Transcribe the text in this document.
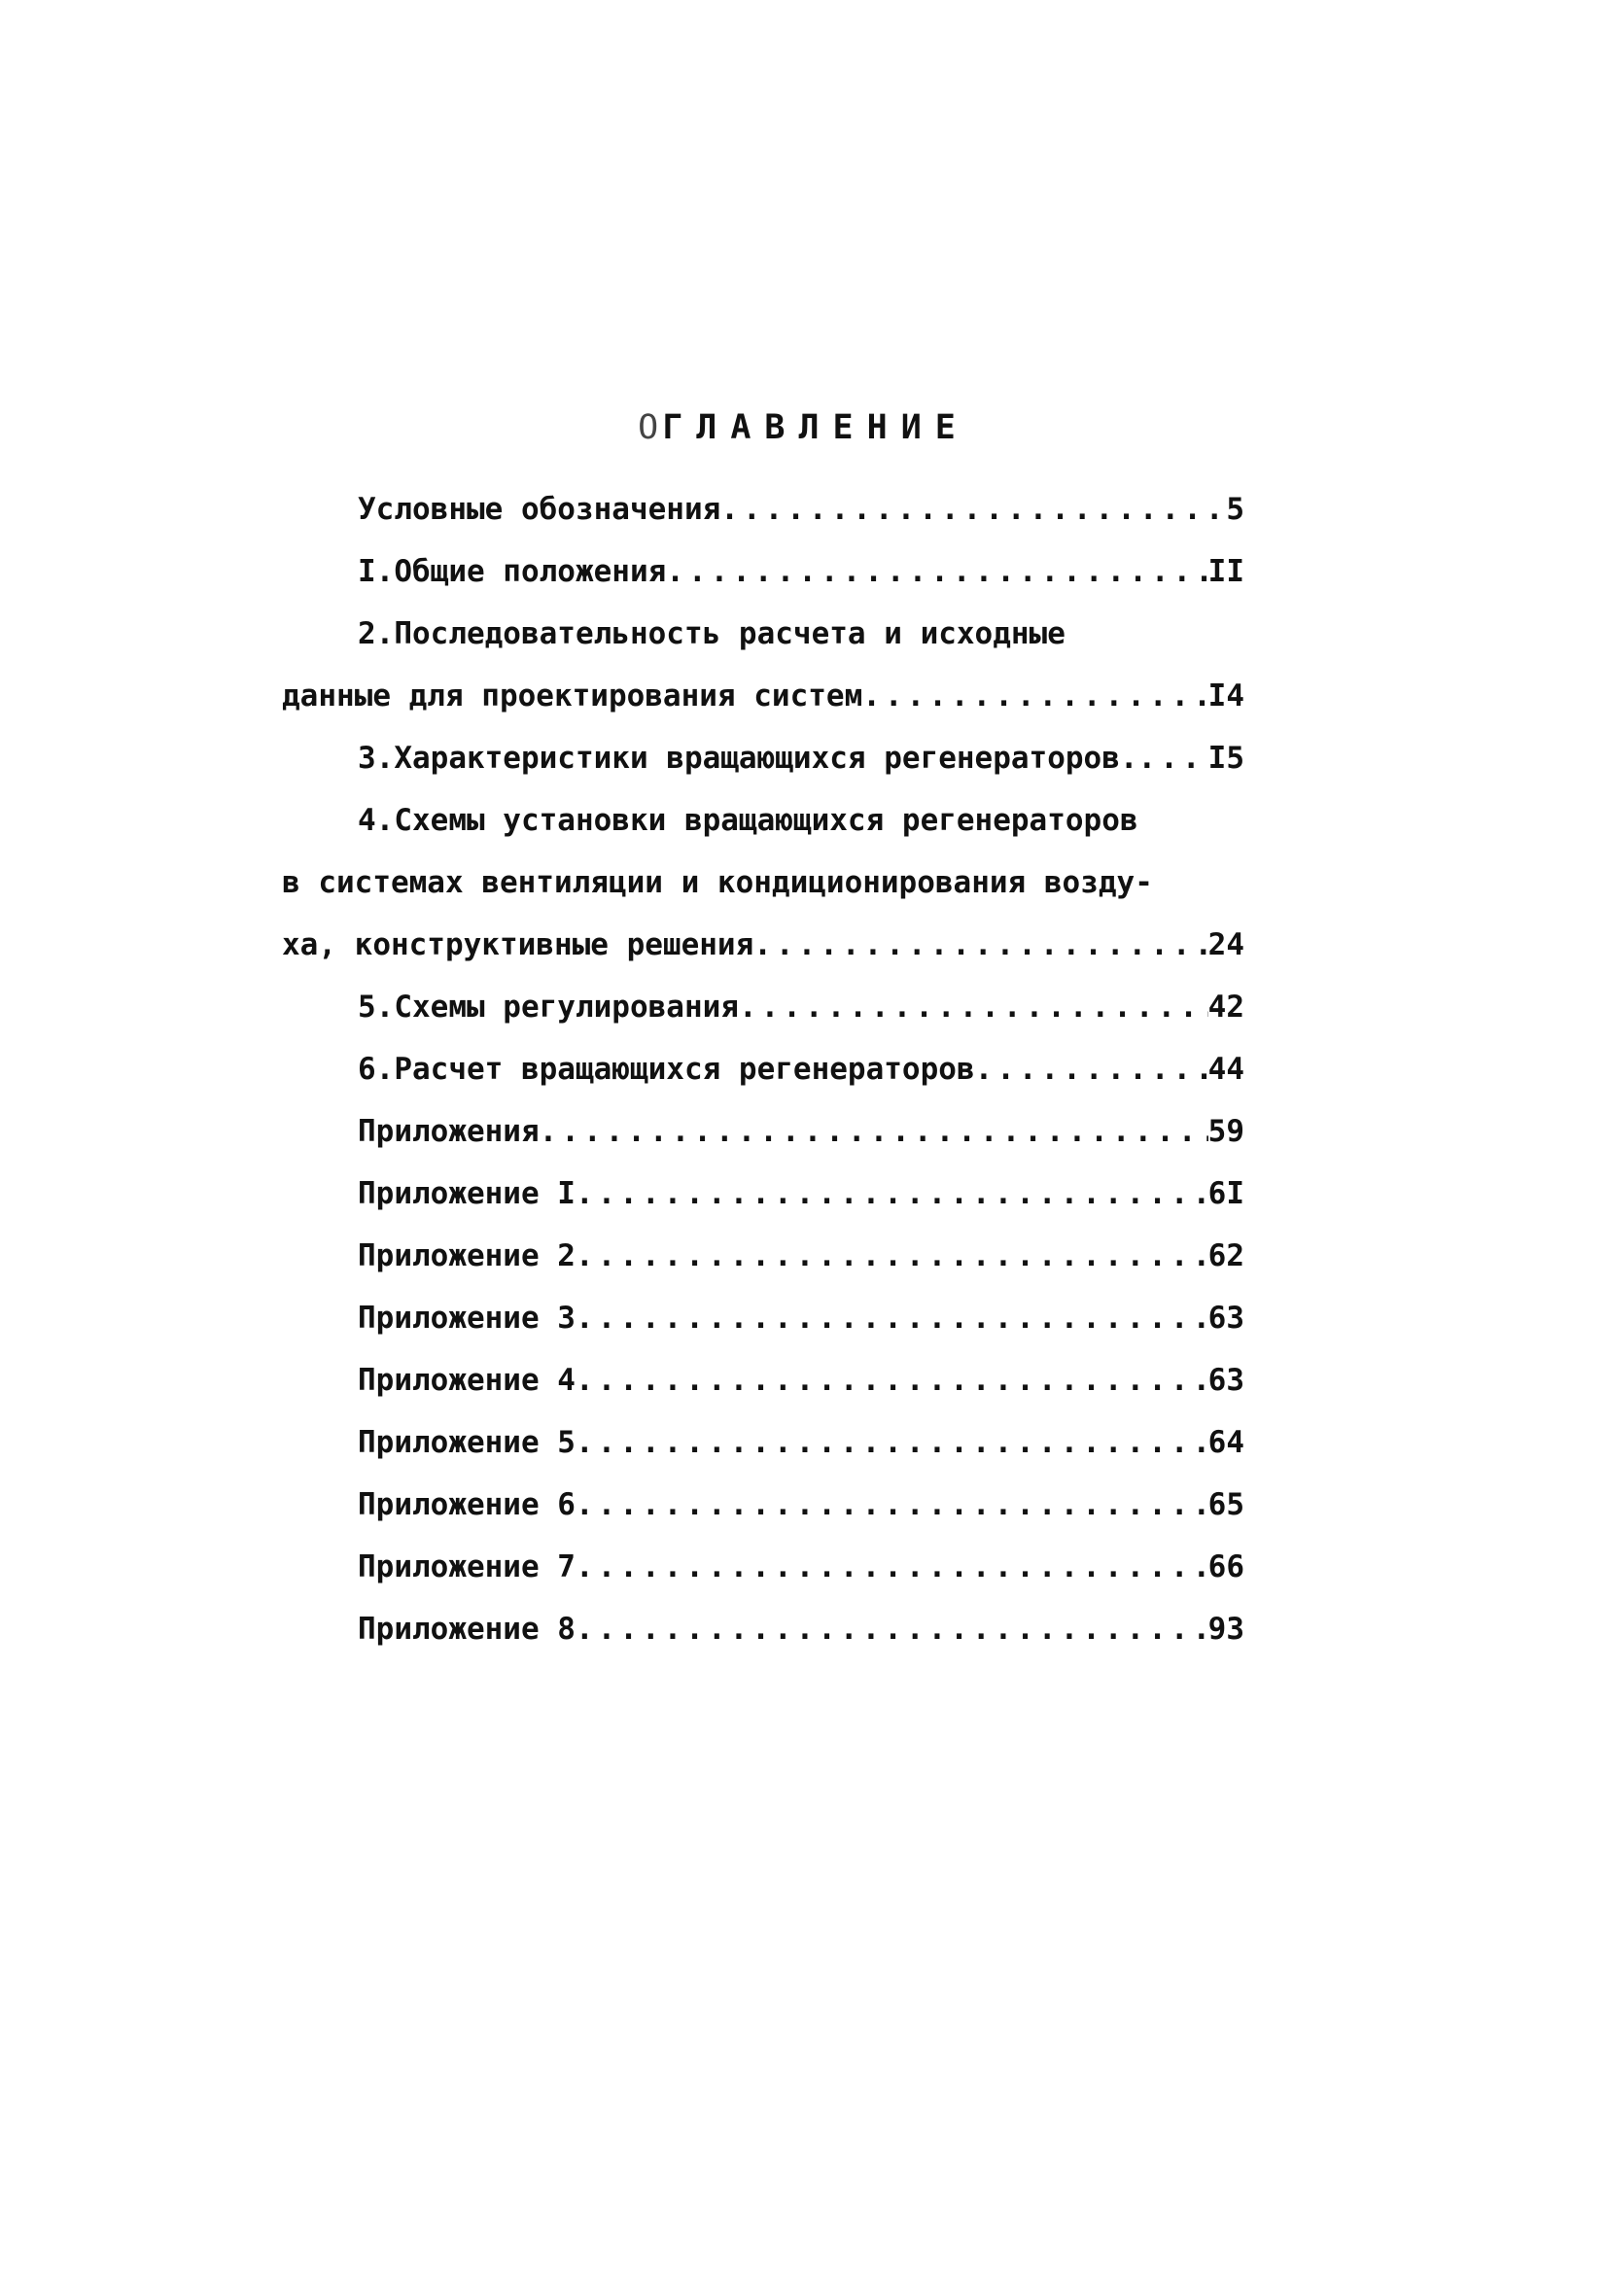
ОГЛАВЛЕНИЕ
Условные обозначения .....	5
I.Общие положения .....	II
2.Последовательность расчета и исходные
данные для проектирования систем .....	I4
3.Характеристики вращающихся регенераторов. ..... I5
4.Схемы установки вращающихся регенераторов
в системах вентиляции и кондиционирования возду-
ха, конструктивные решения .....	24
5.Схемы регулирования .....	42
6.Расчет вращающихся регенераторов .....	44
Приложения .....	59
Приложение I .....	6I
Приложение 2 .....	62
Приложение 3 .....	63
Приложение 4 .....	63
Приложение 5 .....	64
Приложение 6 .....	65
Приложение 7 .....	66
Приложение 8 .....	93
